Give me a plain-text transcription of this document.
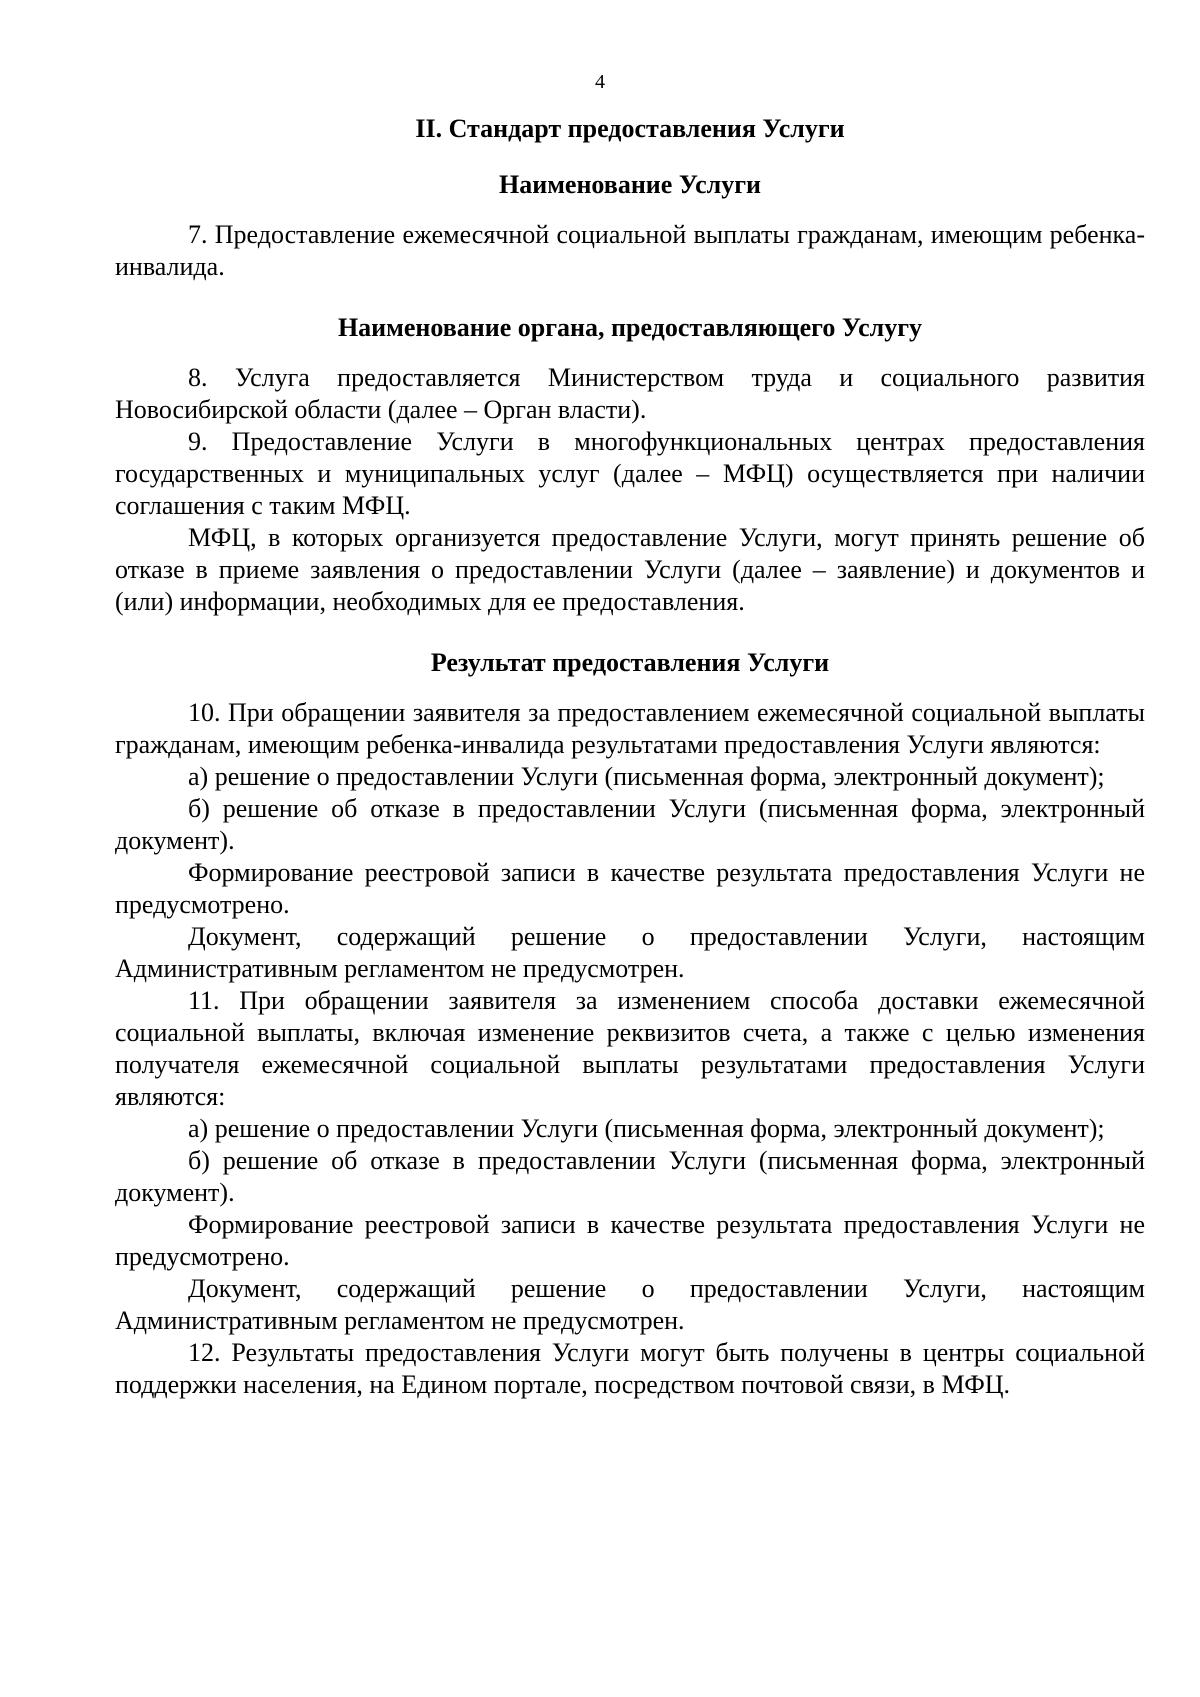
4
II. Стандарт предоставления Услуги
Наименование Услуги

7. Предоставление ежемесячной социальной выплаты гражданам, имеющим ребенка-инвалида.

Наименование органа, предоставляющего Услугу

8. Услуга предоставляется Министерством труда и социального развития Новосибирской области (далее – Орган власти).

9. Предоставление Услуги в многофункциональных центрах предоставления государственных и муниципальных услуг (далее – МФЦ) осуществляется при наличии соглашения с таким МФЦ.

МФЦ, в которых организуется предоставление Услуги, могут принять решение об отказе в приеме заявления о предоставлении Услуги (далее – заявление) и документов и (или) информации, необходимых для ее предоставления.

Результат предоставления Услуги

10. При обращении заявителя за предоставлением ежемесячной социальной выплаты гражданам, имеющим ребенка-инвалида результатами предоставления Услуги являются:

а) решение о предоставлении Услуги (письменная форма, электронный документ);

б) решение об отказе в предоставлении Услуги (письменная форма, электронный документ).

Формирование реестровой записи в качестве результата предоставления Услуги не предусмотрено.

Документ, содержащий решение о предоставлении Услуги, настоящим Административным регламентом не предусмотрен.

11. При обращении заявителя за изменением способа доставки ежемесячной социальной выплаты, включая изменение реквизитов счета, а также с целью изменения получателя ежемесячной социальной выплаты результатами предоставления Услуги являются:

а) решение о предоставлении Услуги (письменная форма, электронный документ);

б) решение об отказе в предоставлении Услуги (письменная форма, электронный документ).

Формирование реестровой записи в качестве результата предоставления Услуги не предусмотрено.

Документ, содержащий решение о предоставлении Услуги, настоящим Административным регламентом не предусмотрен.

12. Результаты предоставления Услуги могут быть получены в центры социальной поддержки населения, на Едином портале, посредством почтовой связи, в МФЦ.
